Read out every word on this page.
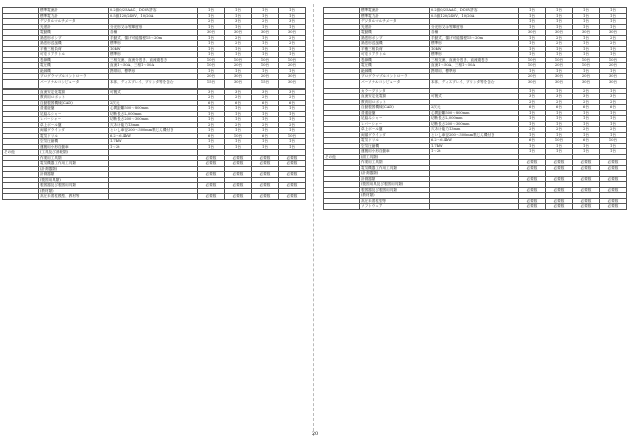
	標準電流計	0.2級0/25AAC、DC6V許容	1台	1台	1台	1台
	標準電力計	0.5級120/240V、10/20A	1台	1台	1台	1台
	デジタルマルチメータ		2台	3台	2台	3台
	光度計	分光形又は等輝度形	1台	1台	1台	1台
	電動機	各種	30台	30台	30台	30台
	渦巻形ポンプ	手動式、揚げ可能揚程15〜20m	1台	2台	1台	2台
	渦巻形送風機	標準形	1台	2台	1台	2台
	平衡三相負荷	10kW	1台	1台	1台	1台
	可変リアクトル	標準形	1台	1台	1台	1台
	巻線機	三相交流、直流分巻き、直流複巻き	10台	10台	10台	10台
	電圧機	直流1〜50A、三相1〜50A	10台	20台	10台	20台
	絶縁機	携帯用、標準形	1台	1台	1台	1台
	プログラマブルコントローラ		20台	30台	20台	30台
	パーソナルコンピュータ	本体、ディスプレイ、プリンタ等を含む	15台	30台	15台	30台

	直流安定化電源	可搬式	3台	3台	3台	3台
	教育用ロボット		2台	2台	2台	2台
	自動製図機械(CAD)	2次元	6台	6台	6台	6台
	普通旋盤	心間距離500〜800mm	1台	1台	1台	1台
	足踏みシャー	切断長さL,000mm	1台	1台	1台	1台
	レバーシャー	切断長さ200〜300mm	1台	1台	1台	1台
	卓上ボール盤	穴あけ能力13mm	2台	2台	2台	2台
	両頭グラインダ	といし車径200〜300mm集じん機付き	1台	1台	1台	1台
	電気ドリル	6.2〜6.4kW	6台	10台	6台	10台
	空気圧縮機	1.7kW	1台	1台	1台	1台
	運搬用小形自動車	1〜2t	1台	1台	1台	1台
その他	(工具及び消耗類)					
	作業用工具類		必要数	必要数	必要数	必要数
	電気機器工作用工具類		必要数	必要数	必要数	必要数
	(計測器類)					
	計測器類		必要数	必要数	必要数	必要数
	(製図用具類)					
	製図器及び製図用具類		必要数	必要数	必要数	必要数
	(教材類)					
	高圧未着柱模型、教材等		必要数	必要数	必要数	必要数
	標準電流計	0.2級0/25AAC、DC6V許容	1台	1台	1台	1台
	標準電力計	0.5級120/240V、10/20A	1台	1台	1台	1台
	デジタルマルチメータ		1台	1台	1台	1台
	光度計	分光形又は等輝度形	1台	1台	1台	1台
	電動機	各種	30台	30台	30台	30台
	渦巻形ポンプ	手動式、揚げ可能揚程15〜20m	1台	2台	1台	2台
	渦巻形送風機	標準形	1台	2台	1台	2台
	平衡三相負荷	10kW	1台	1台	1台	1台
	可変リアクトル	標準形	1台	1台	1台	1台
	巻線機	三相交流、直流分巻き、直流複巻き	10台	10台	10台	10台
	電圧機	直流1〜50A、三相1〜50A	10台	20台	10台	20台
	絶縁機	携帯用、標準形	1台	1台	1台	1台
	プログラマブルコントローラ		20台	30台	20台	30台
	パーソナルコンピュータ	本体、ディスプレイ、プリンタ等を含む	30台	30台	30台	30台
	カラープリンタ		1台	1台	2台	1台
	直流安定化電源	可搬式	3台	3台	3台	3台
	教育用ロボット		2台	2台	2台	2台
	自動製図機械(CAD)	2次元	6台	6台	6台	6台
	普通旋盤	心間距離500〜800mm	1台	1台	1台	1台
	足踏みシャー	切断長さL,000mm	1台	1台	1台	1台
	レバーシャー	切断長さ200〜300mm	1台	1台	1台	1台
	卓上ボール盤	穴あけ能力13mm	2台	2台	2台	2台
	両頭グラインダ	といし車径200〜300mm集じん機付き	1台	1台	1台	1台
	電気ドリル	6.2〜6.4kW	6台	10台	6台	10台
	空気圧縮機	1.7kW	1台	1台	1台	1台
	運搬用小形自動車	1〜2t	1台	1台	1台	1台
その他	(面工具類)					
	作業用工具類		必要数	必要数	必要数	必要数
	電気機器工作用工具類		必要数	必要数	必要数	必要数
	(計測器類)					
	計測器類		必要数	必要数	必要数	必要数
	(製図用具及び製図用具類)					
	製図器及び製図用具類		必要数	必要数	必要数	必要数
	(教材類)					
	高圧未着柱型等		必要数	必要数	必要数	必要数
	ソフトウェア		必要数	必要数	必要数	必要数
20
